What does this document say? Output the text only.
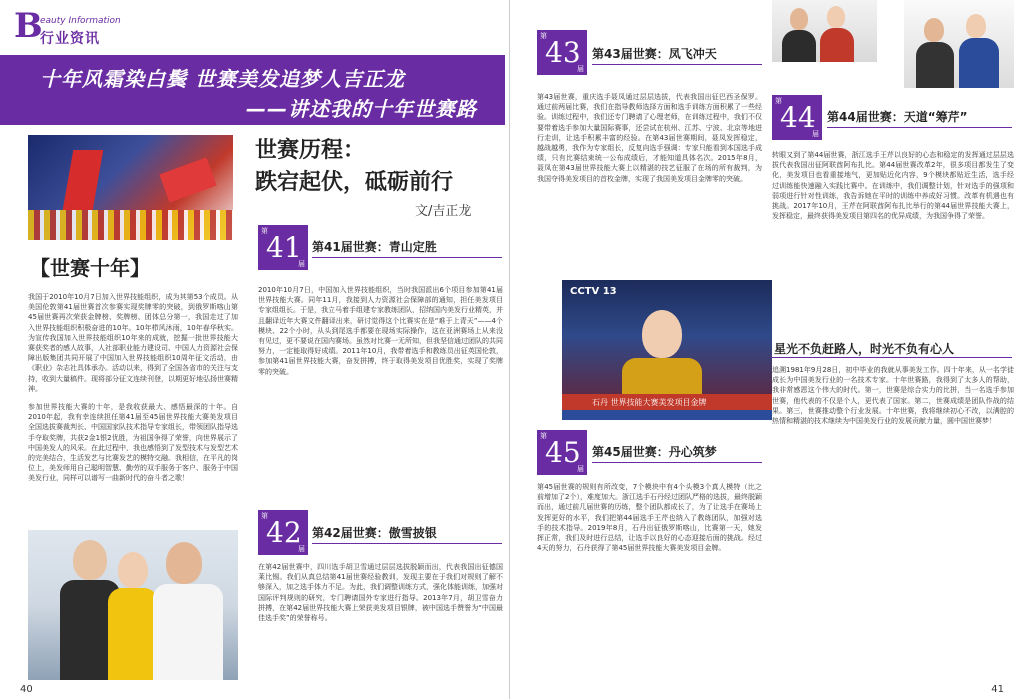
B
eauty Information
行业资讯
十年风霜染白鬓 世赛美发追梦人吉正龙
——讲述我的十年世赛路
世赛历程：
跌宕起伏，砥砺前行
文/吉正龙
【世赛十年】
我国于2010年10月7日加入世界技能组织，成为其第53个成员。从美国伦敦第41届世赛首次参赛实现奖牌零的突破，到俄罗斯喀山第45届世赛再次荣获金牌榜、奖牌榜、团体总分第一，我国走过了加入世界技能组织积极奋进的10年。10年栉风沐雨，10年春华秋实。为宣传我国加入世界技能组织10年来的成就，挖掘一批世界技能大赛获奖者的感人故事，人社部职业能力建设司、中国人力资源社会保障出版集团共同开展了中国加入世界技能组织10周年征文活动，由《职业》杂志社具体承办。活动以来，得到了全国各省市的关注与支持，收到大量稿件。现将部分征文连续刊登，以期更好地弘扬世赛精神。
参加世界技能大赛的十年，是我收获最大、感悟最深的十年。自2010年起，我有幸连续担任第41届至45届世界技能大赛美发项目全国选拔赛裁判长、中国国家队技术指导专家组长，带领团队指导选手夺取奖牌，共获2金1银2优胜，为祖国争得了荣誉，向世界展示了中国美发人的风采。在此过程中，我也感悟到了发型技术与发型艺术的完美结合，生活发艺与比赛发艺的模特交融。我相信，在平凡的岗位上，美发师用自己聪明智慧、勤劳的双手服务于客户、服务于中国美发行业，同样可以谱写一曲新时代的奋斗者之歌！
第
41
届
第41届世赛：青山定胜
2010年10月7日，中国加入世界技能组织，当时我国派出6个项目参加第41届世界技能大赛。同年11月，我接到人力资源社会保障部的通知，担任美发项目专家组组长。于是，我立马着手组建专家教练团队，招纳国内美发行业精英，并且翻译近年大赛文件翻译出来，研讨觉得这个比赛实在是“难于上青天”——4个模块、22个小时，从头到尾选手都要在现场实际操作，这在亚洲赛场上从来没有见过，更不要说在国内赛场。虽然对比赛一无所知，但我坚信通过团队的共同努力，一定能取得好成绩。2011年10月，我带着选手和教练员出征英国伦敦，参加第41届世界技能大赛，奋发拼搏，终于取得美发项目优胜奖，实现了奖牌零的突破。
第
42
届
第42届世赛：傲雪披银
在第42届世赛中，四川选手胡卫雪通过层层选拔脱颖而出，代表我国出征德国莱比锡。我们从真总结第41届世赛经验教训，发现主要在于我们对规则了解不够深入，加之选手体力不足。为此，我们调整训练方式，强化体能训练，加强对国际评判规则的研究，专门聘请国外专家进行指导。2013年7月，胡卫雪奋力拼搏，在第42届世界技能大赛上荣获美发项目银牌，被中国选手赞誉为“中国最佳选手奖”的荣誉称号。
40
第
43
届
第43届世赛：凤飞冲天
第43届世赛，重庆选手聂凤通过层层选拔，代表我国出征巴西圣保罗。通过前两届比赛，我们在指导教师选择方面和选手训练方面积累了一些经验。训练过程中，我们还专门聘请了心理老师，在训练过程中，我们不仅要带着选手参加大量国际赛事，还尝试在杭州、江苏、宁波、北京等地进行走训，让选手积累丰富的经验。在第43届世赛期间，聂凤发挥稳定，越战越勇，我作为专家组长，反复向选手强调：专家只能看到本国选手成绩，只有比赛结束统一公布成绩后，才能知道具体名次。2015年8月，聂凤在第43届世界技能大赛上以精湛的技艺征服了在场的所有裁判，为我国夺得美发项目的首枚金牌，实现了我国美发项目金牌零的突破。
第
44
届
第44届世赛：天道“筹芹”
转眼又到了第44届世赛，浙江选手王芹以良好的心态和稳定的发挥通过层层选拔代表我国出征阿联酋阿布扎比。第44届世赛改革2年，很多项目都发生了变化，美发项目也看重接地气，更加贴近化内容，9个模块都贴近生活，选手经过训练能快速融入实践比赛中。在训练中，我们调整计划，针对选手的强项和弱项进行针对性训练，我告诉她在平时的训练中养成好习惯。改革有机遇也有挑战。2017年10月，王芹在阿联酋阿布扎比举行的第44届世界技能大赛上，发挥稳定，最终获得美发项目第四名的优异成绩，为我国争得了荣誉。
CCTV 13
石丹 世界技能大赛美发项目金牌
星光不负赶路人，时光不负有心人
追溯1981年9月28日，初中毕业的我就从事美发工作。四十年来，从一名学徒成长为中国美发行业的一名技术专家。十年世赛路，我得到了太多人的帮助，我非常感恩这个伟大的时代。第一，世赛是综合实力的比拼，当一名选手参加世赛，他代表的不仅是个人，更代表了国家。第二，世赛成绩是团队作战的结果。第三，世赛推动整个行业发展。十年世赛，我将继续初心不改，以满腔的热情和精湛的技术继续为中国美发行业的发展贡献力量，圆中国世赛梦！
第
45
届
第45届世赛：丹心筑梦
第45届世赛的规则有所改变，7个模块中有4个头模3个真人模特（比之前增加了2个），难度加大。浙江选手石丹经过团队严格的选拔，最终脱颖而出，通过前几届世赛的历练，整个团队都成长了，为了让选手在赛场上发挥更好的水平，我们把第44届选手王芹也纳入了教练团队，加强对选手的技术指导。2019年8月，石丹出征俄罗斯喀山，比赛第一天，她发挥正常，我们及时进行总结，让选手以良好的心态迎接后面的挑战。经过4天的努力，石丹获得了第45届世界技能大赛美发项目金牌。
41
